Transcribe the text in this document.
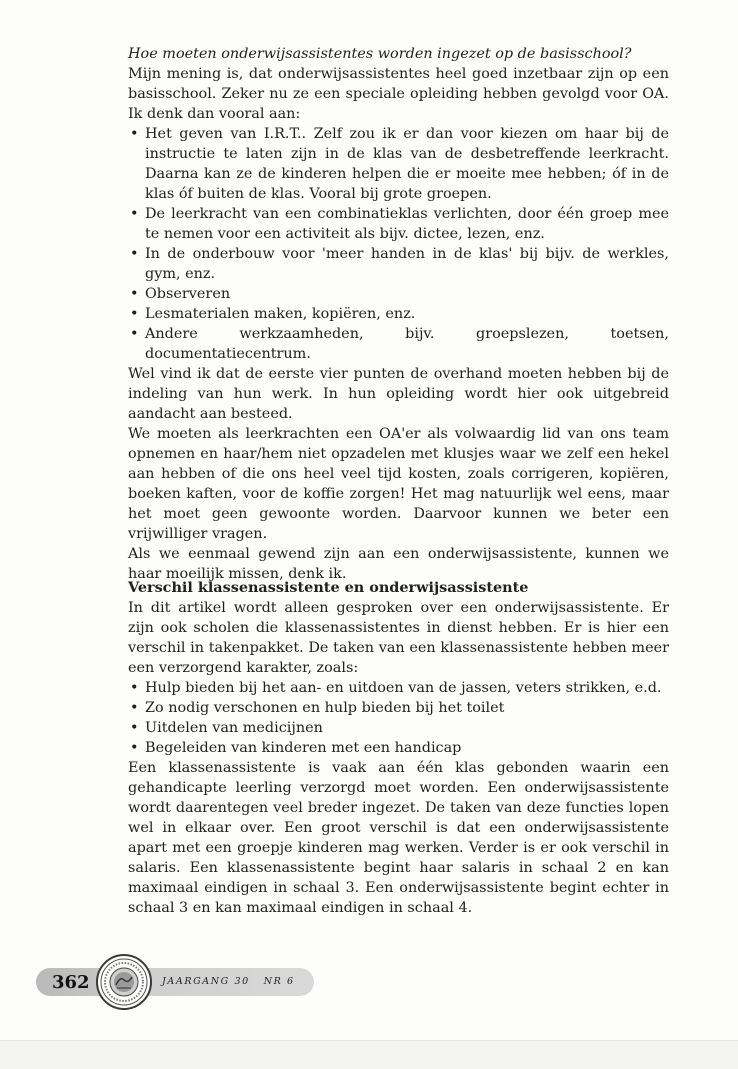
Hoe moeten onderwijsassistentes worden ingezet op de basisschool?

Mijn mening is, dat onderwijsassistentes heel goed inzetbaar zijn op een basisschool. Zeker nu ze een speciale opleiding hebben gevolgd voor OA. Ik denk dan vooral aan:

• Het geven van I.R.T.. Zelf zou ik er dan voor kiezen om haar bij de instructie te laten zijn in de klas van de desbetreffende leerkracht. Daarna kan ze de kinderen helpen die er moeite mee hebben; óf in de klas óf buiten de klas. Vooral bij grote groepen.
• De leerkracht van een combinatieklas verlichten, door één groep mee te nemen voor een activiteit als bijv. dictee, lezen, enz.
• In de onderbouw voor 'meer handen in de klas' bij bijv. de werkles, gym, enz.
• Observeren
• Lesmaterialen maken, kopiëren, enz.
• Andere werkzaamheden, bijv. groepslezen, toetsen, documentatiecentrum.

Wel vind ik dat de eerste vier punten de overhand moeten hebben bij de indeling van hun werk. In hun opleiding wordt hier ook uitgebreid aandacht aan besteed.

We moeten als leerkrachten een OA'er als volwaardig lid van ons team opnemen en haar/hem niet opzadelen met klusjes waar we zelf een hekel aan hebben of die ons heel veel tijd kosten, zoals corrigeren, kopiëren, boeken kaften, voor de koffie zorgen! Het mag natuurlijk wel eens, maar het moet geen gewoonte worden. Daarvoor kunnen we beter een vrijwilliger vragen.

Als we eenmaal gewend zijn aan een onderwijsassistente, kunnen we haar moeilijk missen, denk ik.

Verschil klassenassistente en onderwijsassistente

In dit artikel wordt alleen gesproken over een onderwijsassistente. Er zijn ook scholen die klassenassistentes in dienst hebben. Er is hier een verschil in takenpakket. De taken van een klassenassistente hebben meer een verzorgend karakter, zoals:

• Hulp bieden bij het aan- en uitdoen van de jassen, veters strikken, e.d.
• Zo nodig verschonen en hulp bieden bij het toilet
• Uitdelen van medicijnen
• Begeleiden van kinderen met een handicap

Een klassenassistente is vaak aan één klas gebonden waarin een gehandicapte leerling verzorgd moet worden. Een onderwijsassistente wordt daarentegen veel breder ingezet. De taken van deze functies lopen wel in elkaar over. Een groot verschil is dat een onderwijsassistente apart met een groepje kinderen mag werken. Verder is er ook verschil in salaris. Een klassenassistente begint haar salaris in schaal 2 en kan maximaal eindigen in schaal 3. Een onderwijsassistente begint echter in schaal 3 en kan maximaal eindigen in schaal 4.

362	JAARGANG 30 NR 6
